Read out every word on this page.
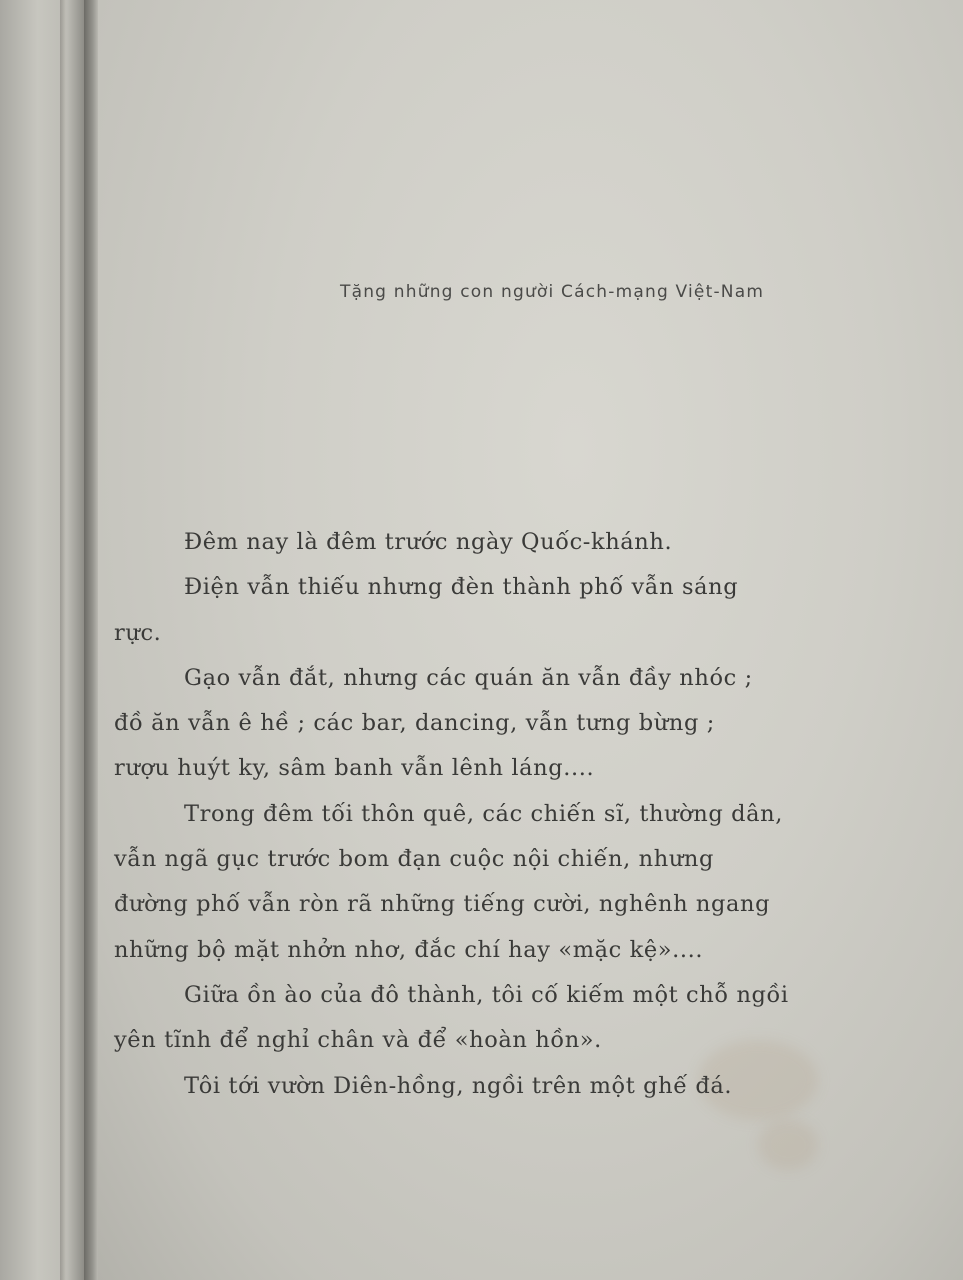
Tặng những con người Cách-mạng Việt-Nam
Đêm nay là đêm trước ngày Quốc-khánh.
Điện vẫn thiếu nhưng đèn thành phố vẫn sáng
rực.
Gạo vẫn đắt, nhưng các quán ăn vẫn đầy nhóc ;
đồ ăn vẫn ê hề ; các bar, dancing, vẫn tưng bừng ;
rượu huýt ky, sâm banh vẫn lênh láng....
Trong đêm tối thôn quê, các chiến sĩ, thường dân,
vẫn ngã gục trước bom đạn cuộc nội chiến, nhưng
đường phố vẫn ròn rã những tiếng cười, nghênh ngang
những bộ mặt nhởn nhơ, đắc chí hay «mặc kệ»....
Giữa ồn ào của đô thành, tôi cố kiếm một chỗ ngồi
yên tĩnh để nghỉ chân và để «hoàn hồn».
Tôi tới vườn Diên-hồng, ngồi trên một ghế đá.
